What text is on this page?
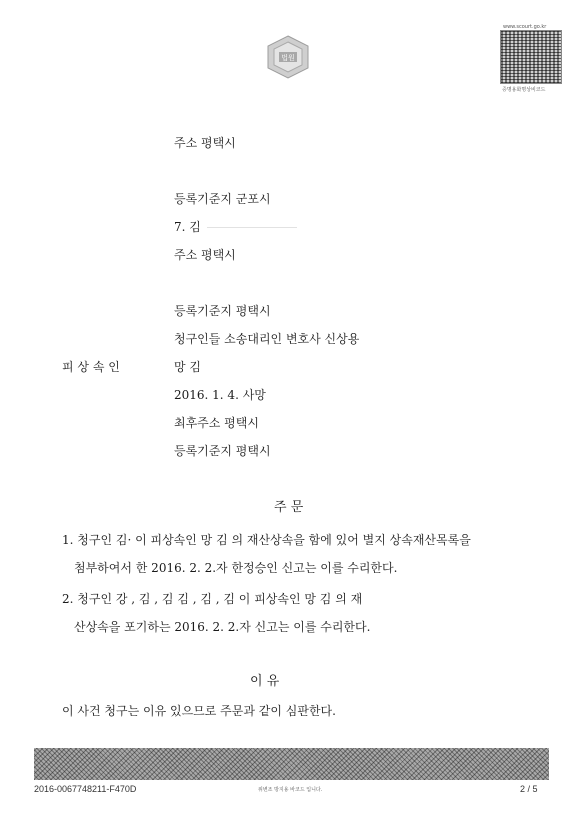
법원
www.scourt.go.kr
증명용화명상비코드
주소 평택시
등록기준지 군포시
7. 김
주소 평택시
등록기준지 평택시
청구인들 소송대리인 변호사 신상용
피 상 속 인	망 김
2016. 1. 4. 사망
최후주소 평택시
등록기준지 평택시
주 문
1. 청구인 김· 이 피상속인 망 김 의 재산상속을 함에 있어 별지 상속재산목록을
첨부하여서 한 2016. 2. 2.자 한정승인 신고는 이를 수리한다.
2. 청구인 강 , 김 , 김 김 , 김 , 김 이 피상속인 망 김 의 재
산상속을 포기하는 2016. 2. 2.자 신고는 이를 수리한다.
이 유
이 사건 청구는 이유 있으므로 주문과 같이 심판한다.
2016-0067748211-F470D	위변조 방지용 바코드 입니다.	2 / 5
